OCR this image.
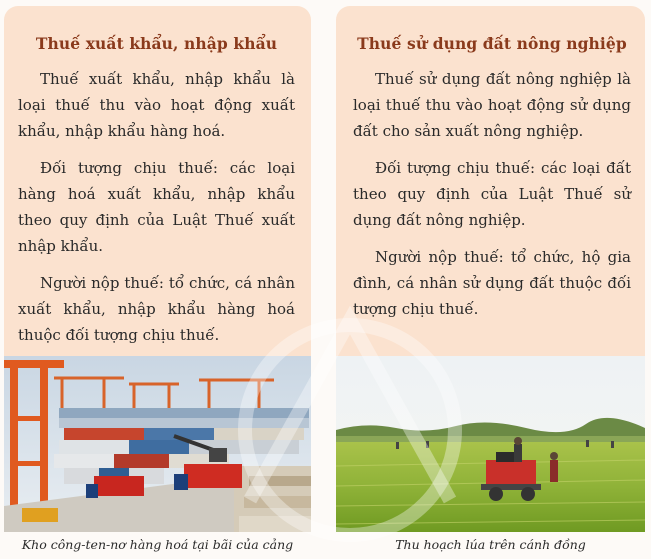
Thuế xuất khẩu, nhập khẩu

Thuế xuất khẩu, nhập khẩu là loại thuế thu vào hoạt động xuất khẩu, nhập khẩu hàng hoá.

Đối tượng chịu thuế: các loại hàng hoá xuất khẩu, nhập khẩu theo quy định của Luật Thuế xuất nhập khẩu.

Người nộp thuế: tổ chức, cá nhân xuất khẩu, nhập khẩu hàng hoá thuộc đối tượng chịu thuế.

Thuế sử dụng đất nông nghiệp

Thuế sử dụng đất nông nghiệp là loại thuế thu vào hoạt động sử dụng đất cho sản xuất nông nghiệp.

Đối tượng chịu thuế: các loại đất theo quy định của Luật Thuế sử dụng đất nông nghiệp.

Người nộp thuế: tổ chức, hộ gia đình, cá nhân sử dụng đất thuộc đối tượng chịu thuế.

Kho công-ten-nơ hàng hoá tại bãi của cảng	Thu hoạch lúa trên cánh đồng
